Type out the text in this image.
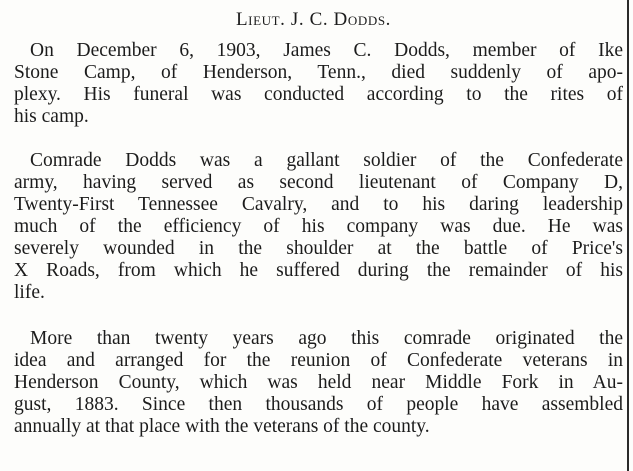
Lieut. J. C. Dodds.

On December 6, 1903, James C. Dodds, member of Ike
Stone Camp, of Henderson, Tenn., died suddenly of apo-
plexy. His funeral was conducted according to the rites of
his camp.

Comrade Dodds was a gallant soldier of the Confederate
army, having served as second lieutenant of Company D,
Twenty-First Tennessee Cavalry, and to his daring leadership
much of the efficiency of his company was due. He was
severely wounded in the shoulder at the battle of Price's
X Roads, from which he suffered during the remainder of his
life.

More than twenty years ago this comrade originated the
idea and arranged for the reunion of Confederate veterans in
Henderson County, which was held near Middle Fork in Au-
gust, 1883. Since then thousands of people have assembled
annually at that place with the veterans of the county.
